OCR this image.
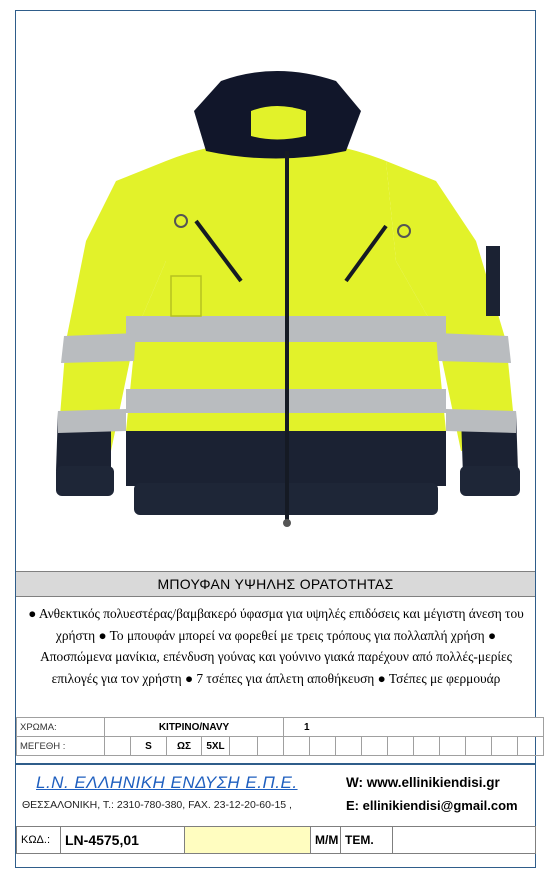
ΜΠΟΥΦΑΝ ΥΨΗΛΗΣ ΟΡΑΤΟΤΗΤΑΣ
● Ανθεκτικός πολυεστέρας/βαμβακερό ύφασμα για υψηλές επιδόσεις και μέγιστη άνεση του χρήστη ● Το μπουφάν μπορεί να φορεθεί με τρεις τρόπους για πολλαπλή χρήση ● Αποσπώμενα μανίκια, επένδυση γούνας και γούνινο γιακά παρέχουν από πολλές-μερίες επιλογές για τον χρήστη ● 7 τσέπες για άπλετη αποθήκευση ● Τσέπες με φερμουάρ
ΧΡΩΜΑ:	ΚΙΤΡΙΝΟ/NAVY						1									
ΜΕΓΕΘΗ :		S	ΩΣ	5XL												
L.N. ΕΛΛΗΝΙΚΗ ΕΝΔΥΣΗ Ε.Π.Ε.
ΘΕΣΣΑΛΟΝΙΚΗ, Τ.: 2310-780-380, FAX. 23-12-20-60-15 ,
W: www.ellinikiendisi.gr
E: ellinikiendisi@gmail.com
ΚΩΔ.:	LN-4575,01		Μ/Μ	ΤΕΜ.	
